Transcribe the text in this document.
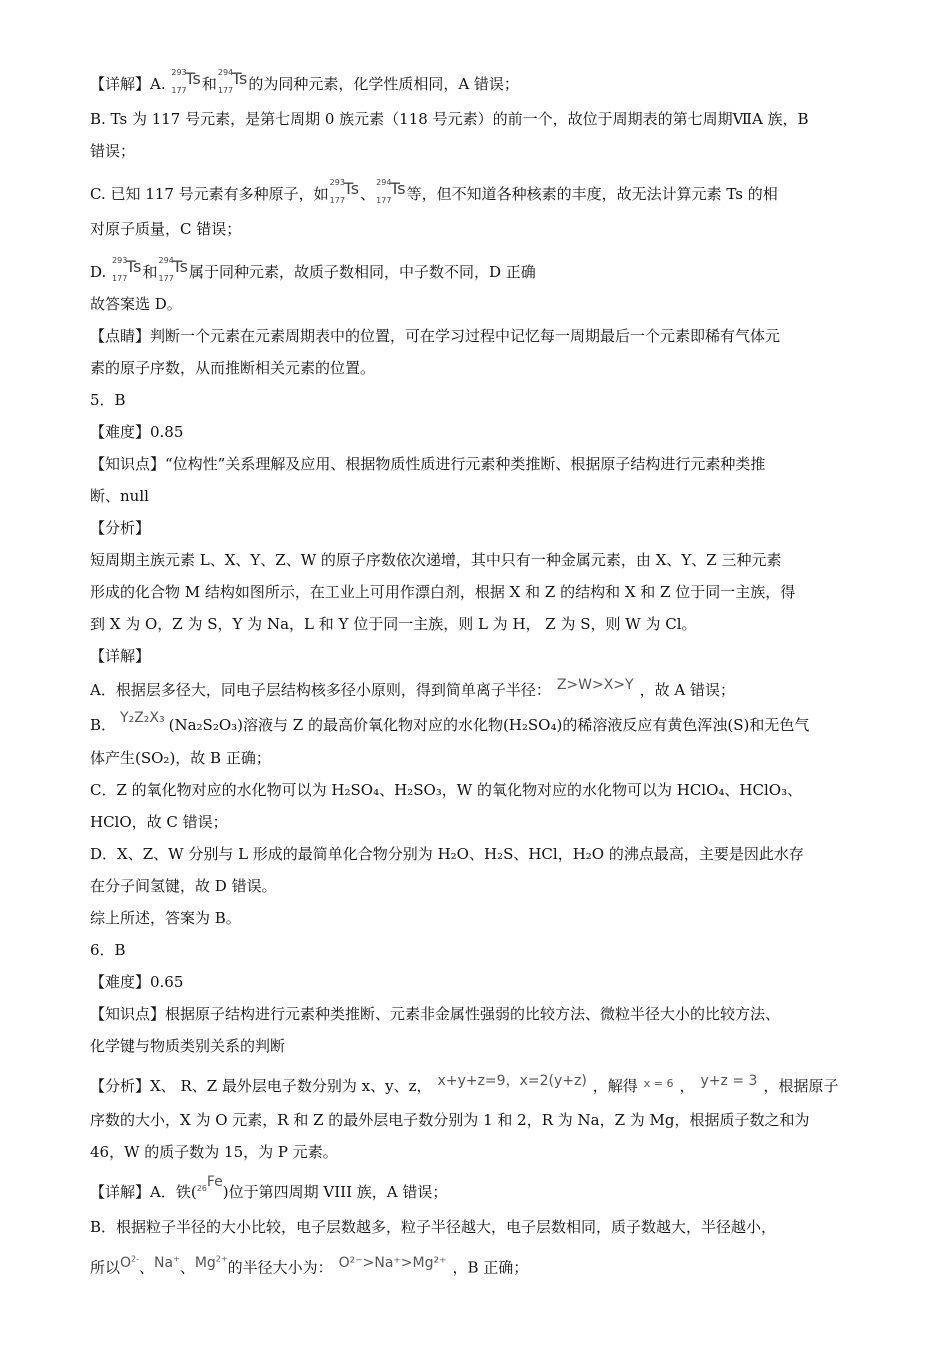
【详解】A.
293
177
Ts和
294
177
Ts的为同种元素，化学性质相同，A 错误；

B. Ts 为 117 号元素，是第七周期 0 族元素（118 号元素）的前一个，故位于周期表的第七周期ⅦA 族，B

错误；

C. 已知 117 号元素有多种原子，如
293
177
Ts、
294
177
Ts等，但不知道各种核素的丰度，故无法计算元素 Ts 的相

对原子质量，C 错误；

D.
293
177
Ts和
294
177
Ts属于同种元素，故质子数相同，中子数不同，D 正确

故答案选 D。

【点睛】判断一个元素在元素周期表中的位置，可在学习过程中记忆每一周期最后一个元素即稀有气体元

素的原子序数，从而推断相关元素的位置。

5．B

【难度】0.85

【知识点】“位构性”关系理解及应用、根据物质性质进行元素种类推断、根据原子结构进行元素种类推

断、null

【分析】

短周期主族元素 L、X、Y、Z、W 的原子序数依次递增，其中只有一种金属元素，由 X、Y、Z 三种元素

形成的化合物 M 结构如图所示，在工业上可用作漂白剂，根据 X 和 Z 的结构和 X 和 Z 位于同一主族，得

到 X 为 O，Z 为 S，Y 为 Na，L 和 Y 位于同一主族，则 L 为 H， Z 为 S，则 W 为 Cl。

【详解】

A．根据层多径大，同电子层结构核多径小原则，得到简单离子半径： Z>W>X>Y ，故 A 错误；

B． Y₂Z₂X₃ (Na₂S₂O₃)溶液与 Z 的最高价氧化物对应的水化物(H₂SO₄)的稀溶液反应有黄色浑浊(S)和无色气

体产生(SO₂)，故 B 正确；

C．Z 的氧化物对应的水化物可以为 H₂SO₄、H₂SO₃，W 的氧化物对应的水化物可以为 HClO₄、HClO₃、

HClO，故 C 错误；

D．X、Z、W 分别与 L 形成的最简单化合物分别为 H₂O、H₂S、HCl，H₂O 的沸点最高，主要是因此水存

在分子间氢键，故 D 错误。

综上所述，答案为 B。

6．B

【难度】0.65

【知识点】根据原子结构进行元素种类推断、元素非金属性强弱的比较方法、微粒半径大小的比较方法、

化学键与物质类别关系的判断

【分析】X、 R、Z 最外层电子数分别为 x、y、z， x+y+z=9，x=2(y+z) ，解得 $^{x = 6}$ ， y+z = 3 ，根据原子

序数的大小，X 为 O 元素，R 和 Z 的最外层电子数分别为 1 和 2，R 为 Na，Z 为 Mg，根据质子数之和为

46，W 的质子数为 15，为 P 元素。

【详解】A．铁(26Fe)位于第四周期 VIII 族，A 错误；

B．根据粒子半径的大小比较，电子层数越多，粒子半径越大，电子层数相同，质子数越大，半径越小，

所以$O^{2-}$、Na+、$Mg^{2+}$的半径大小为： O²⁻>Na⁺>Mg²⁺ ，B 正确；
